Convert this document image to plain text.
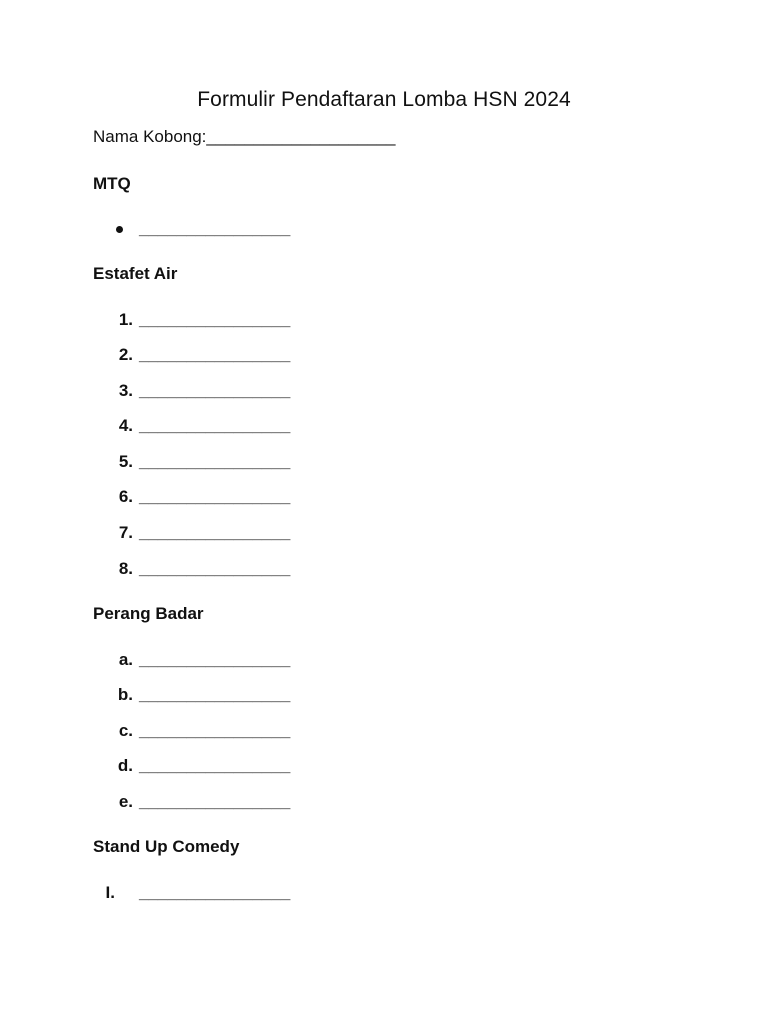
Formulir Pendaftaran Lomba HSN 2024
Nama Kobong:____________________
MTQ
________________
Estafet Air
1. ________________
2. ________________
3. ________________
4. ________________
5. ________________
6. ________________
7. ________________
8. ________________
Perang Badar
a. ________________
b. ________________
c. ________________
d. ________________
e. ________________
Stand Up Comedy
I. ________________
